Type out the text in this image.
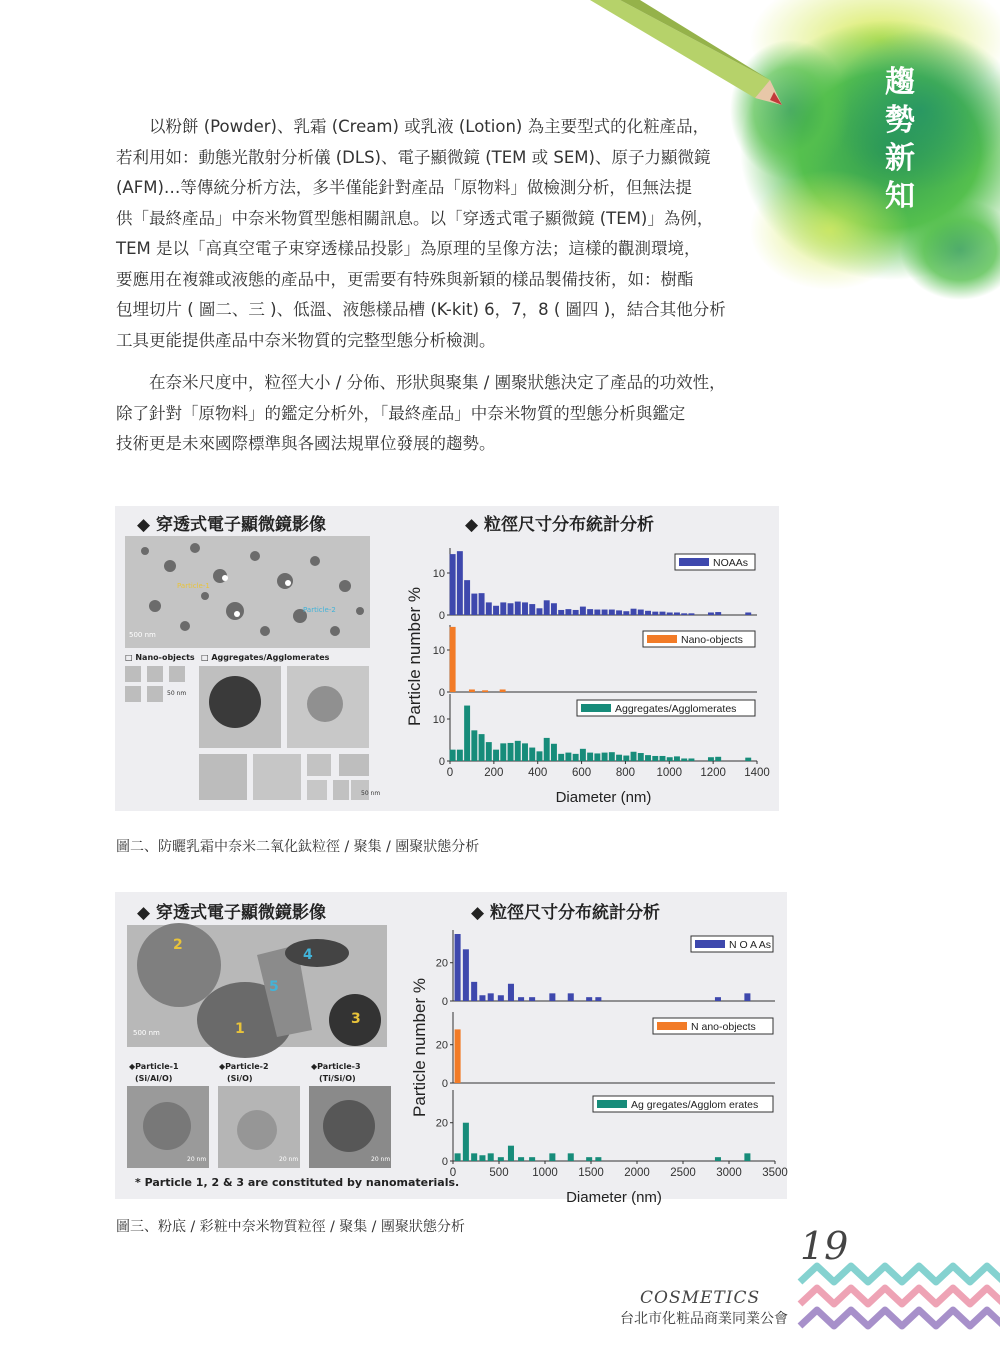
趨勢新知
　　以粉餅 (Powder)、乳霜 (Cream) 或乳液 (Lotion) 為主要型式的化粧產品，
若利用如：動態光散射分析儀 (DLS)、電子顯微鏡 (TEM 或 SEM)、原子力顯微鏡
(AFM)…等傳統分析方法，多半僅能針對產品「原物料」做檢測分析，但無法提
供「最終產品」中奈米物質型態相關訊息。以「穿透式電子顯微鏡 (TEM)」為例，
TEM 是以「高真空電子束穿透樣品投影」為原理的呈像方法；這樣的觀測環境，
要應用在複雜或液態的產品中，更需要有特殊與新穎的樣品製備技術，如：樹酯
包埋切片 ( 圖二、三 )、低溫、液態樣品槽 (K-kit) 6，7，8 ( 圖四 )，結合其他分析
工具更能提供產品中奈米物質的完整型態分析檢測。
　　在奈米尺度中，粒徑大小 / 分佈、形狀與聚集 / 團聚狀態決定了產品的功效性，
除了針對「原物料」的鑑定分析外，「最終產品」中奈米物質的型態分析與鑑定
技術更是未來國際標準與各國法規單位發展的趨勢。
◆ 穿透式電子顯微鏡影像	◆ 粒徑尺寸分布統計分析
Particle-1
Particle-2
500 nm
□ Nano-objects □ Aggregates/Agglomerates
50 nm
50 nm
0
10
NOAAs
0
10
Nano-objects
0
10
Aggregates/Agglomerates
0	200 400 600 800 1000 1200 1400
Diameter (nm)
Particle number %
圖二、防曬乳霜中奈米二氧化鈦粒徑 / 聚集 / 團聚狀態分析
◆ 穿透式電子顯微鏡影像	◆ 粒徑尺寸分布統計分析
2
4
5
1
3
500 nm
◆Particle-1
(Si/Al/O)
◆Particle-2
(Si/O)
◆Particle-3
(Ti/Si/O)
20 nm	20 nm	20 nm
* Particle 1, 2 & 3 are constituted by nanomaterials.
0
20
N O A As
0
20
N ano-objects
0
20
Ag gregates/Agglom erates
0	500 1000 1500 2000 2500 3000 3500
Diameter (nm)
Particle number %
圖三、粉底 / 彩粧中奈米物質粒徑 / 聚集 / 團聚狀態分析	19
COSMETICS
台北市化粧品商業同業公會
